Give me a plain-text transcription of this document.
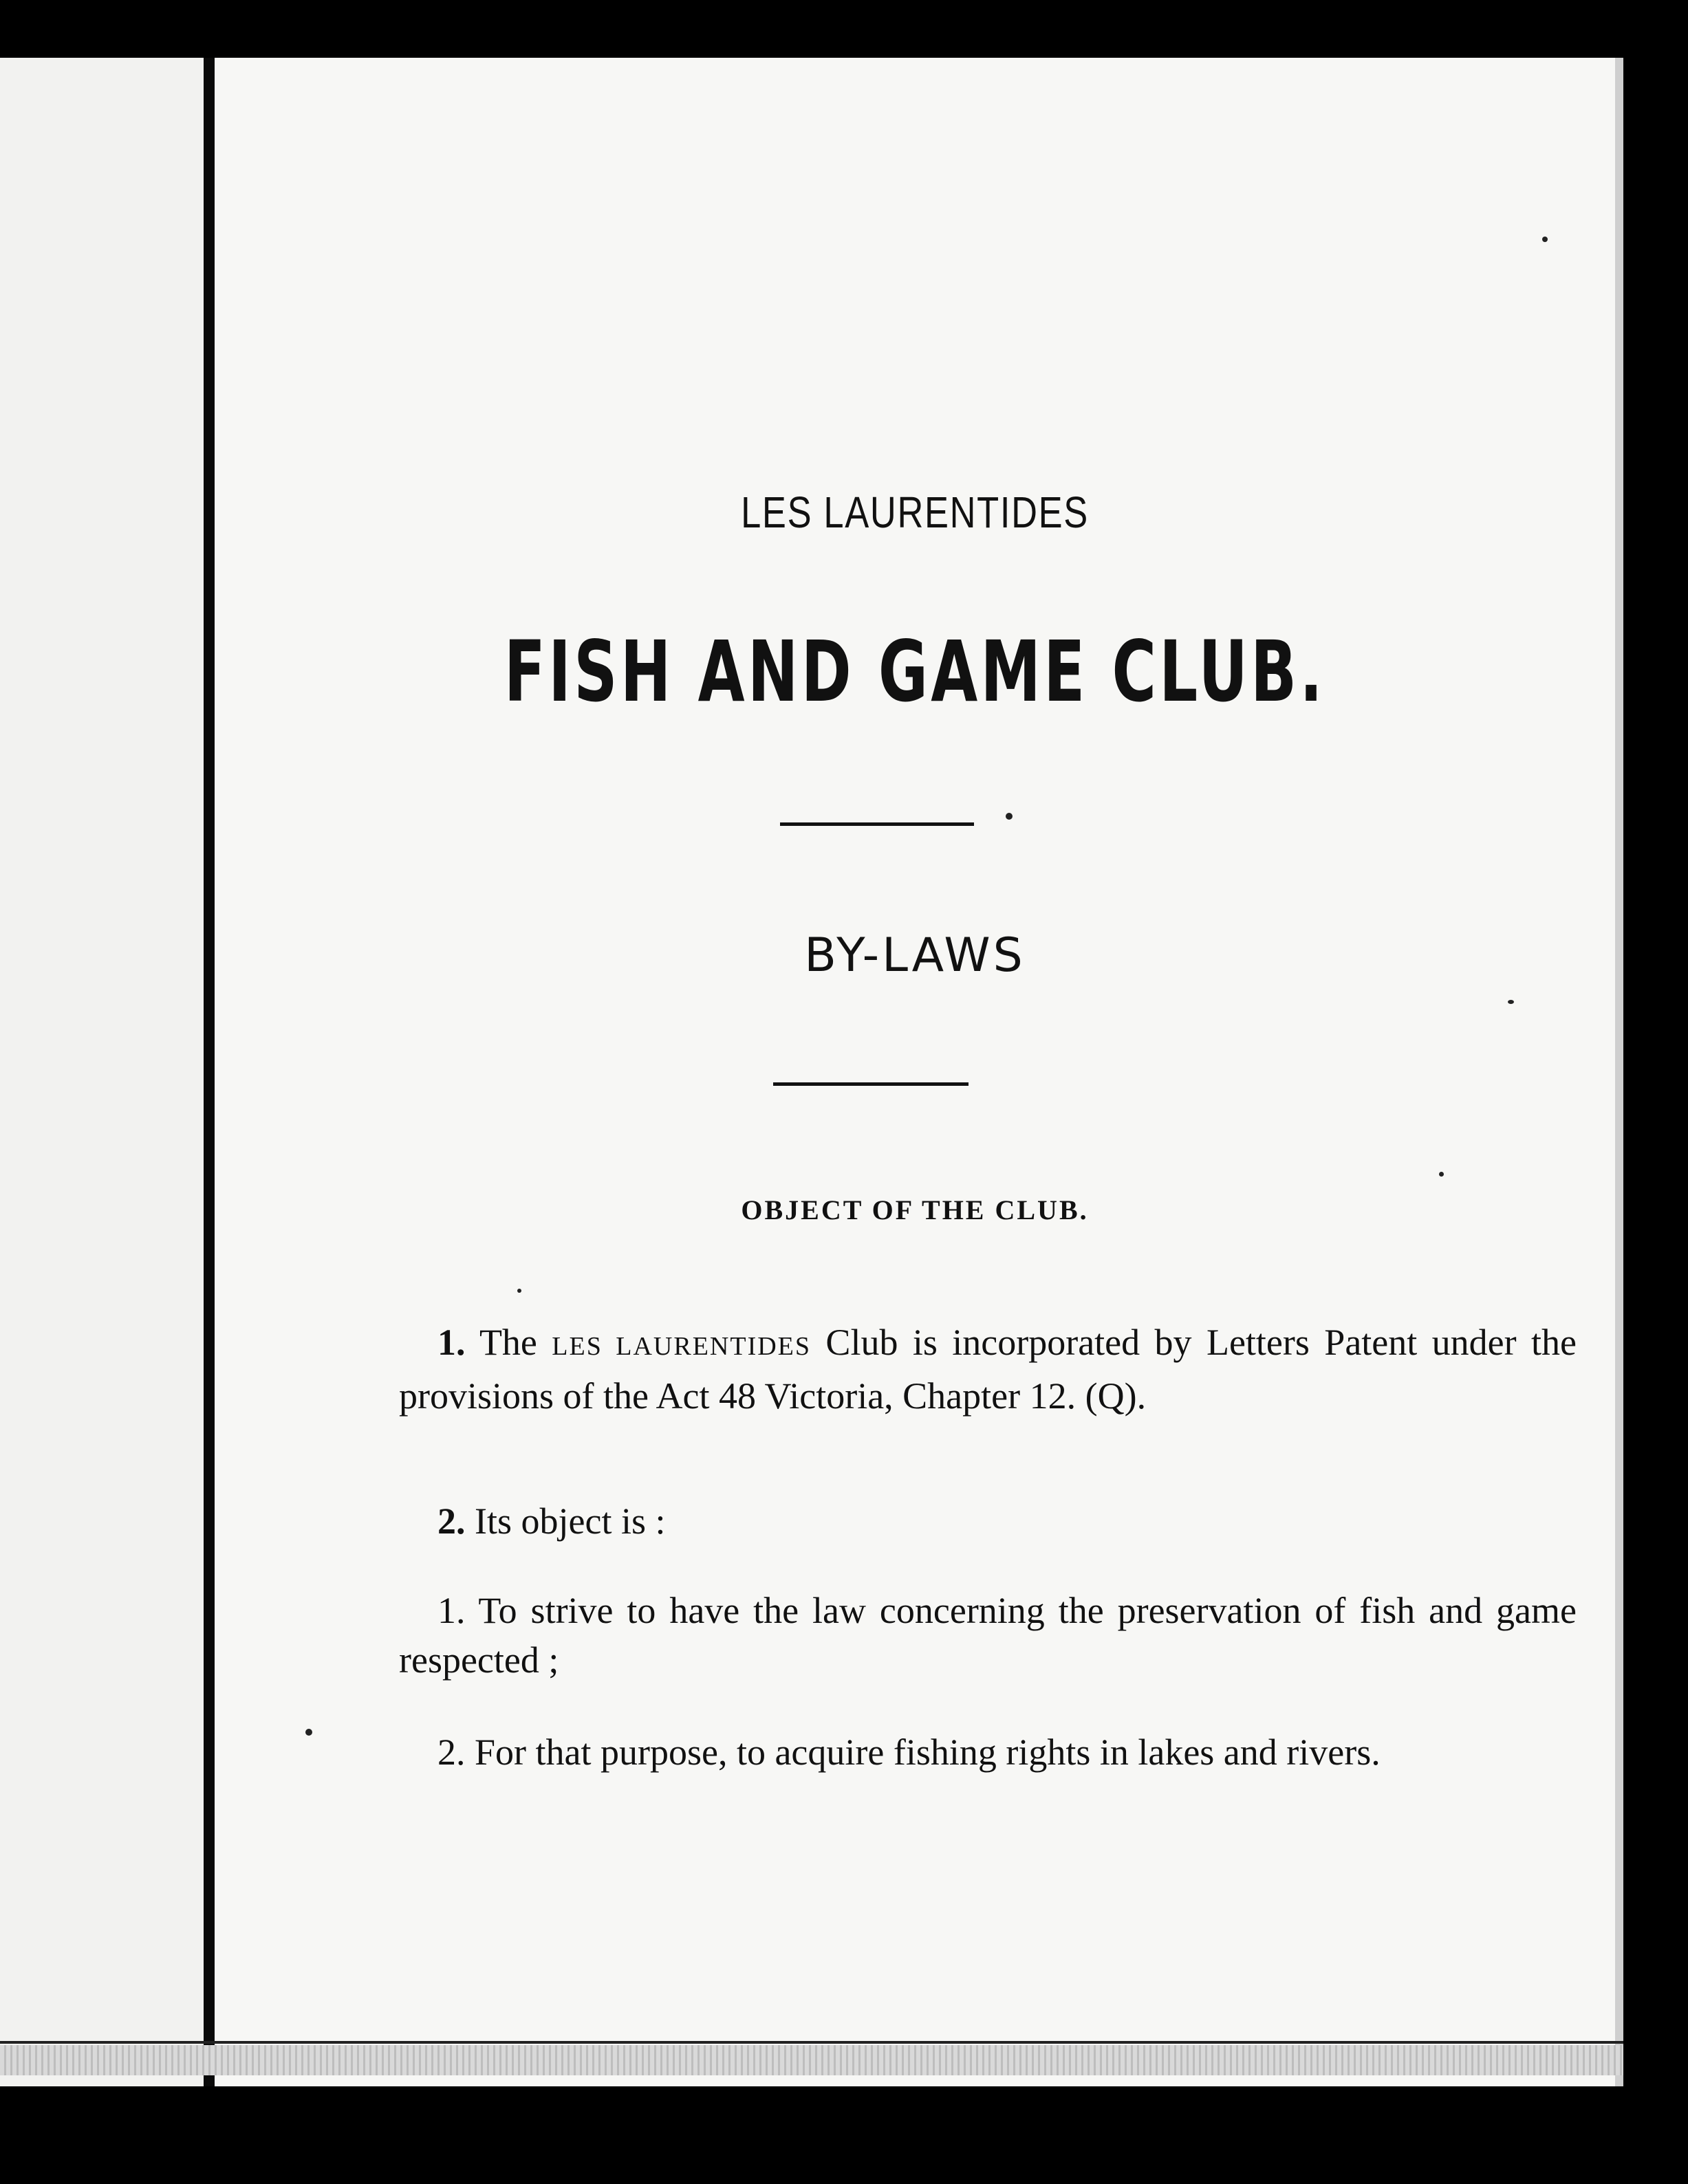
LES LAURENTIDES
FISH AND GAME CLUB.
BY-LAWS
OBJECT OF THE CLUB.
1. The LES LAURENTIDES Club is incorporated by Letters Patent under the provisions of the Act 48 Victoria, Chapter 12. (Q).
2. Its object is :
1. To strive to have the law concerning the preservation of fish and game respected ;
2. For that purpose, to acquire fishing rights in lakes and rivers.
